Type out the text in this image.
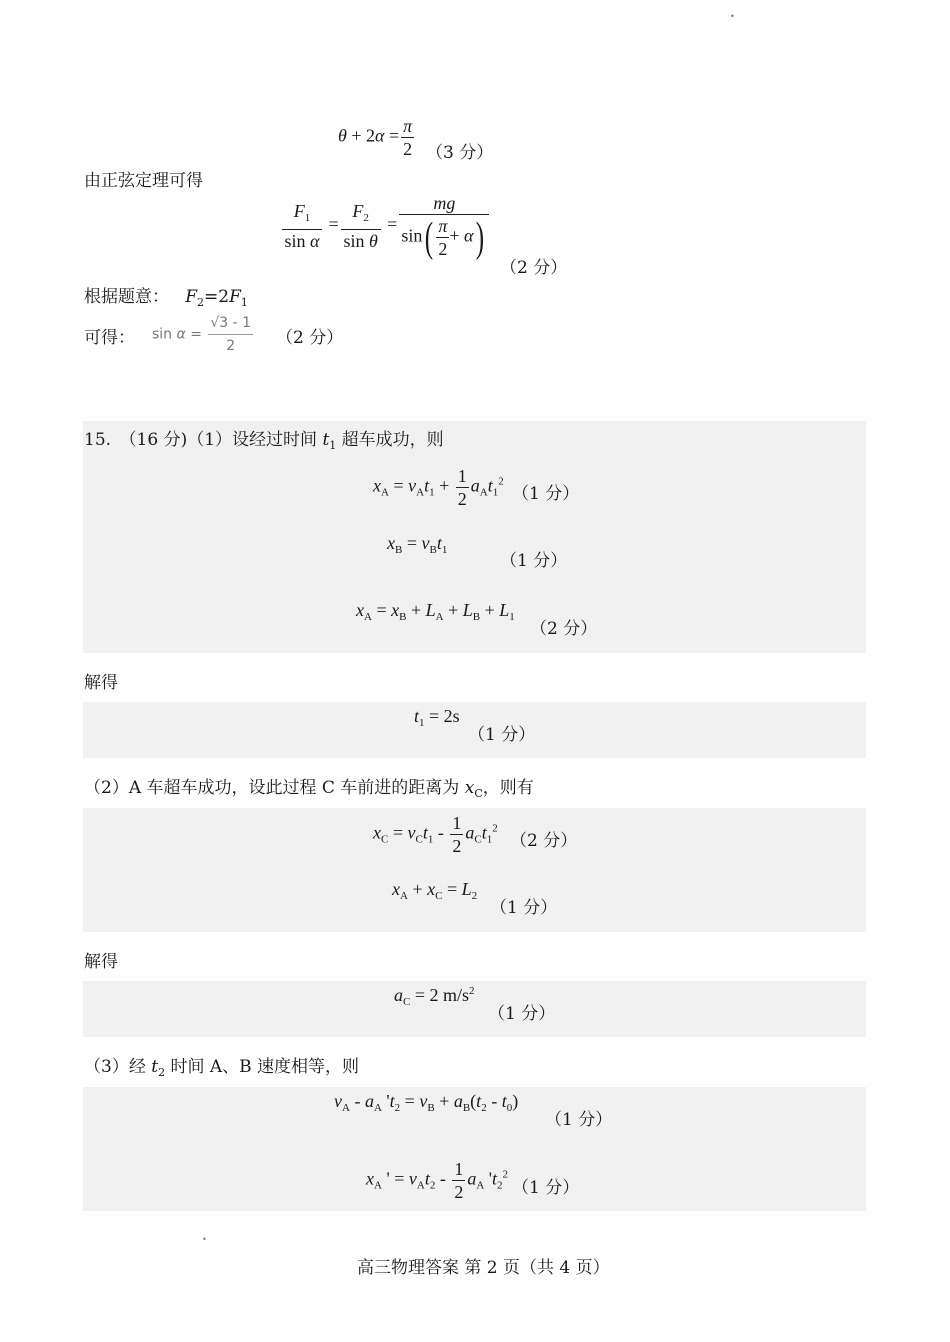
•
•
$\theta + 2\alpha = \frac{\pi}{2} (3$ 分）
由正弦定理可得
$\frac{F_1}{\text{sin α}} = \frac{F_2}{\text{sin θ}} = \frac{mg}{\sin( \frac{\pi}{2} + \alpha)}$
（2 分）
根据题意： $F_2=2F_1$
可得： $\sin \alpha = \frac{√3 - 1}{2} (2$ 分）
15.　（16 分)（1）设经过时间 $t_1$ 超车成功，则
$x_A = v_At_1 + \frac{1}{2} a_At_1^2$
（1 分）
$x_B = v_Bt_1$
（1 分）
$x_A = x_B + L_A + L_B + L_1$
（2 分）
解得
$t_1 = 2s$
（1 分）
（2）A 车超车成功，设此过程 C 车前进的距离为 $x_C$，则有
$x_C = v_Ct_1 - \frac{1}{2} a_Ct_1^2$
（2 分）
$x_A + x_C = L_2$
（1 分）
解得
$a_C = 2$ $m/s^2$
（1 分）
（3）经 $t_2$ 时间 A、B 速度相等，则
$v_A - a_A$ '$t_2 = v_B + a_B(t_2 - t_0)$
（1 分）
$x_A$ ' = $v_At_2 - \frac{1}{2} a_A$ '$t_2^2$
（1 分）
高三物理答案 第 2 页（共 4 页）
